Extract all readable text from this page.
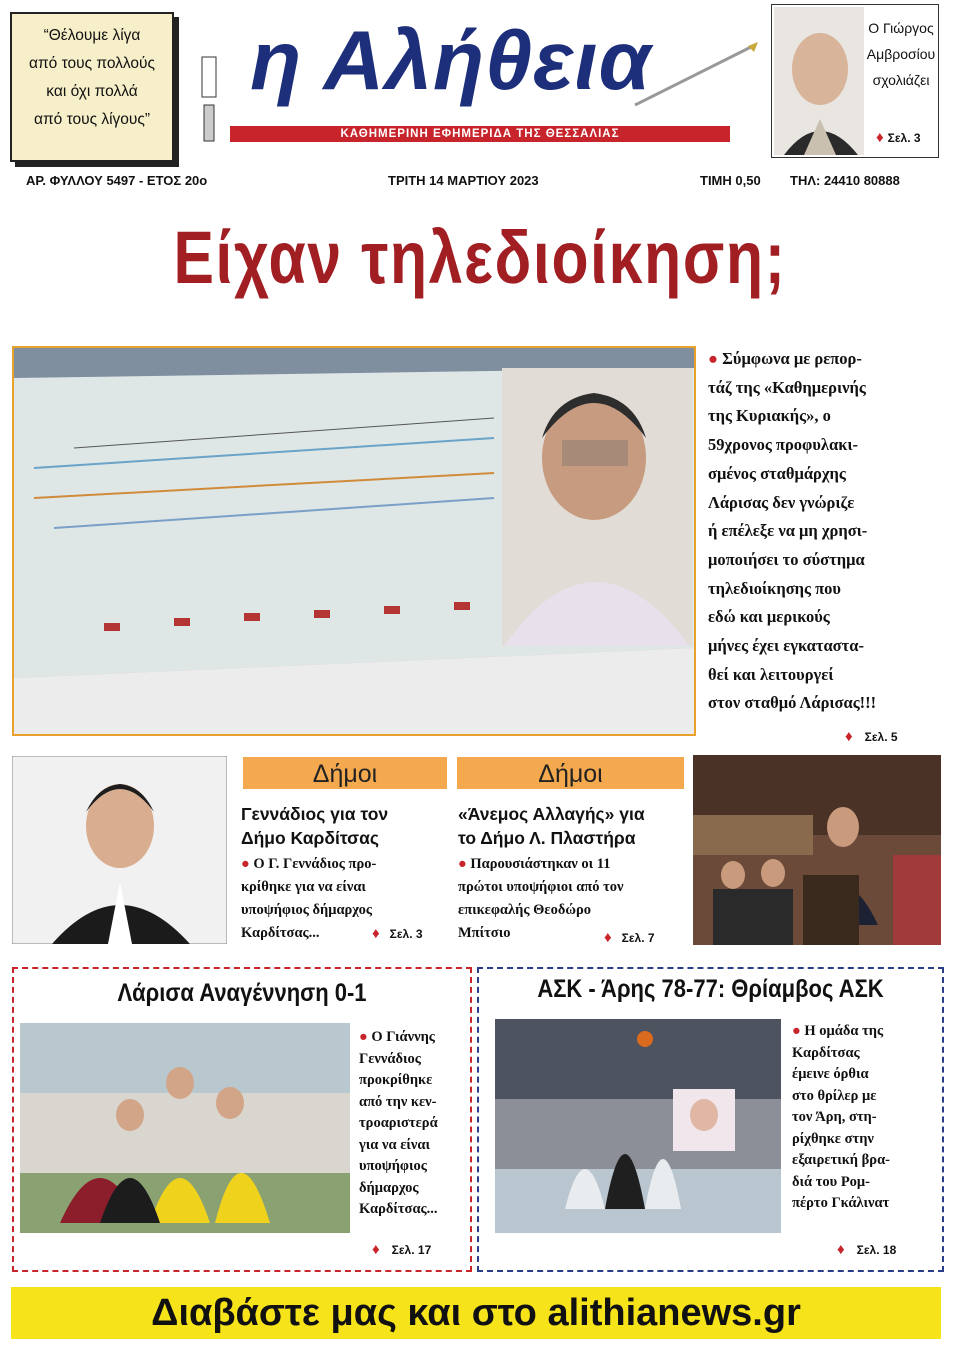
“Θέλουμε λίγα
από τους πολλούς
και όχι πολλά
από τους λίγους”
η Αλήθεια
ΚΑΘΗΜΕΡΙΝΗ ΕΦΗΜΕΡΙΔΑ ΤΗΣ ΘΕΣΣΑΛΙΑΣ
Ο Γιώργος
Αμβροσίου
σχολιάζει
♦ Σελ. 3
ΑΡ. ΦΥΛΛΟΥ 5497 - ΕΤΟΣ 20ο	ΤΡΙΤΗ 14 ΜΑΡΤΙΟΥ 2023	ΤΙΜΗ 0,50 ΤΗΛ: 24410 80888
Είχαν τηλεδιοίκηση;
● Σύμφωνα με ρεπορ-
τάζ της «Καθημερινής
της Κυριακής», ο
59χρονος προφυλακι-
σμένος σταθμάρχης
Λάρισας δεν γνώριζε
ή επέλεξε να μη χρησι-
μοποιήσει το σύστημα
τηλεδιοίκησης που
εδώ και μερικούς
μήνες έχει εγκαταστα-
θεί και λειτουργεί
στον σταθμό Λάρισας!!!
♦ Σελ. 5
Δήμοι
Γεννάδιος για τον
Δήμο Καρδίτσας
● Ο Γ. Γεννάδιος προ-
κρίθηκε για να είναι
υποψήφιος δήμαρχος
Καρδίτσας...	♦ Σελ. 3
Δήμοι
«Άνεμος Αλλαγής» για
το Δήμο Λ. Πλαστήρα
● Παρουσιάστηκαν οι 11
πρώτοι υποψήφιοι από τον
επικεφαλής Θεοδώρο
Μπίτσιο	♦ Σελ. 7
Λάρισα Αναγέννηση 0-1
● Ο Γιάννης
Γεννάδιος
προκρίθηκε
από την κεν-
τροαριστερά
για να είναι
υποψήφιος
δήμαρχος
Καρδίτσας...
♦ Σελ. 17
ΑΣΚ - Άρης 78-77: Θρίαμβος ΑΣΚ
● Η ομάδα της
Καρδίτσας
έμεινε όρθια
στο θρίλερ με
τον Άρη, στη-
ρίχθηκε στην
εξαιρετική βρα-
διά του Ρομ-
πέρτο Γκάλινατ
♦ Σελ. 18
Διαβάστε μας και στο alithianews.gr
